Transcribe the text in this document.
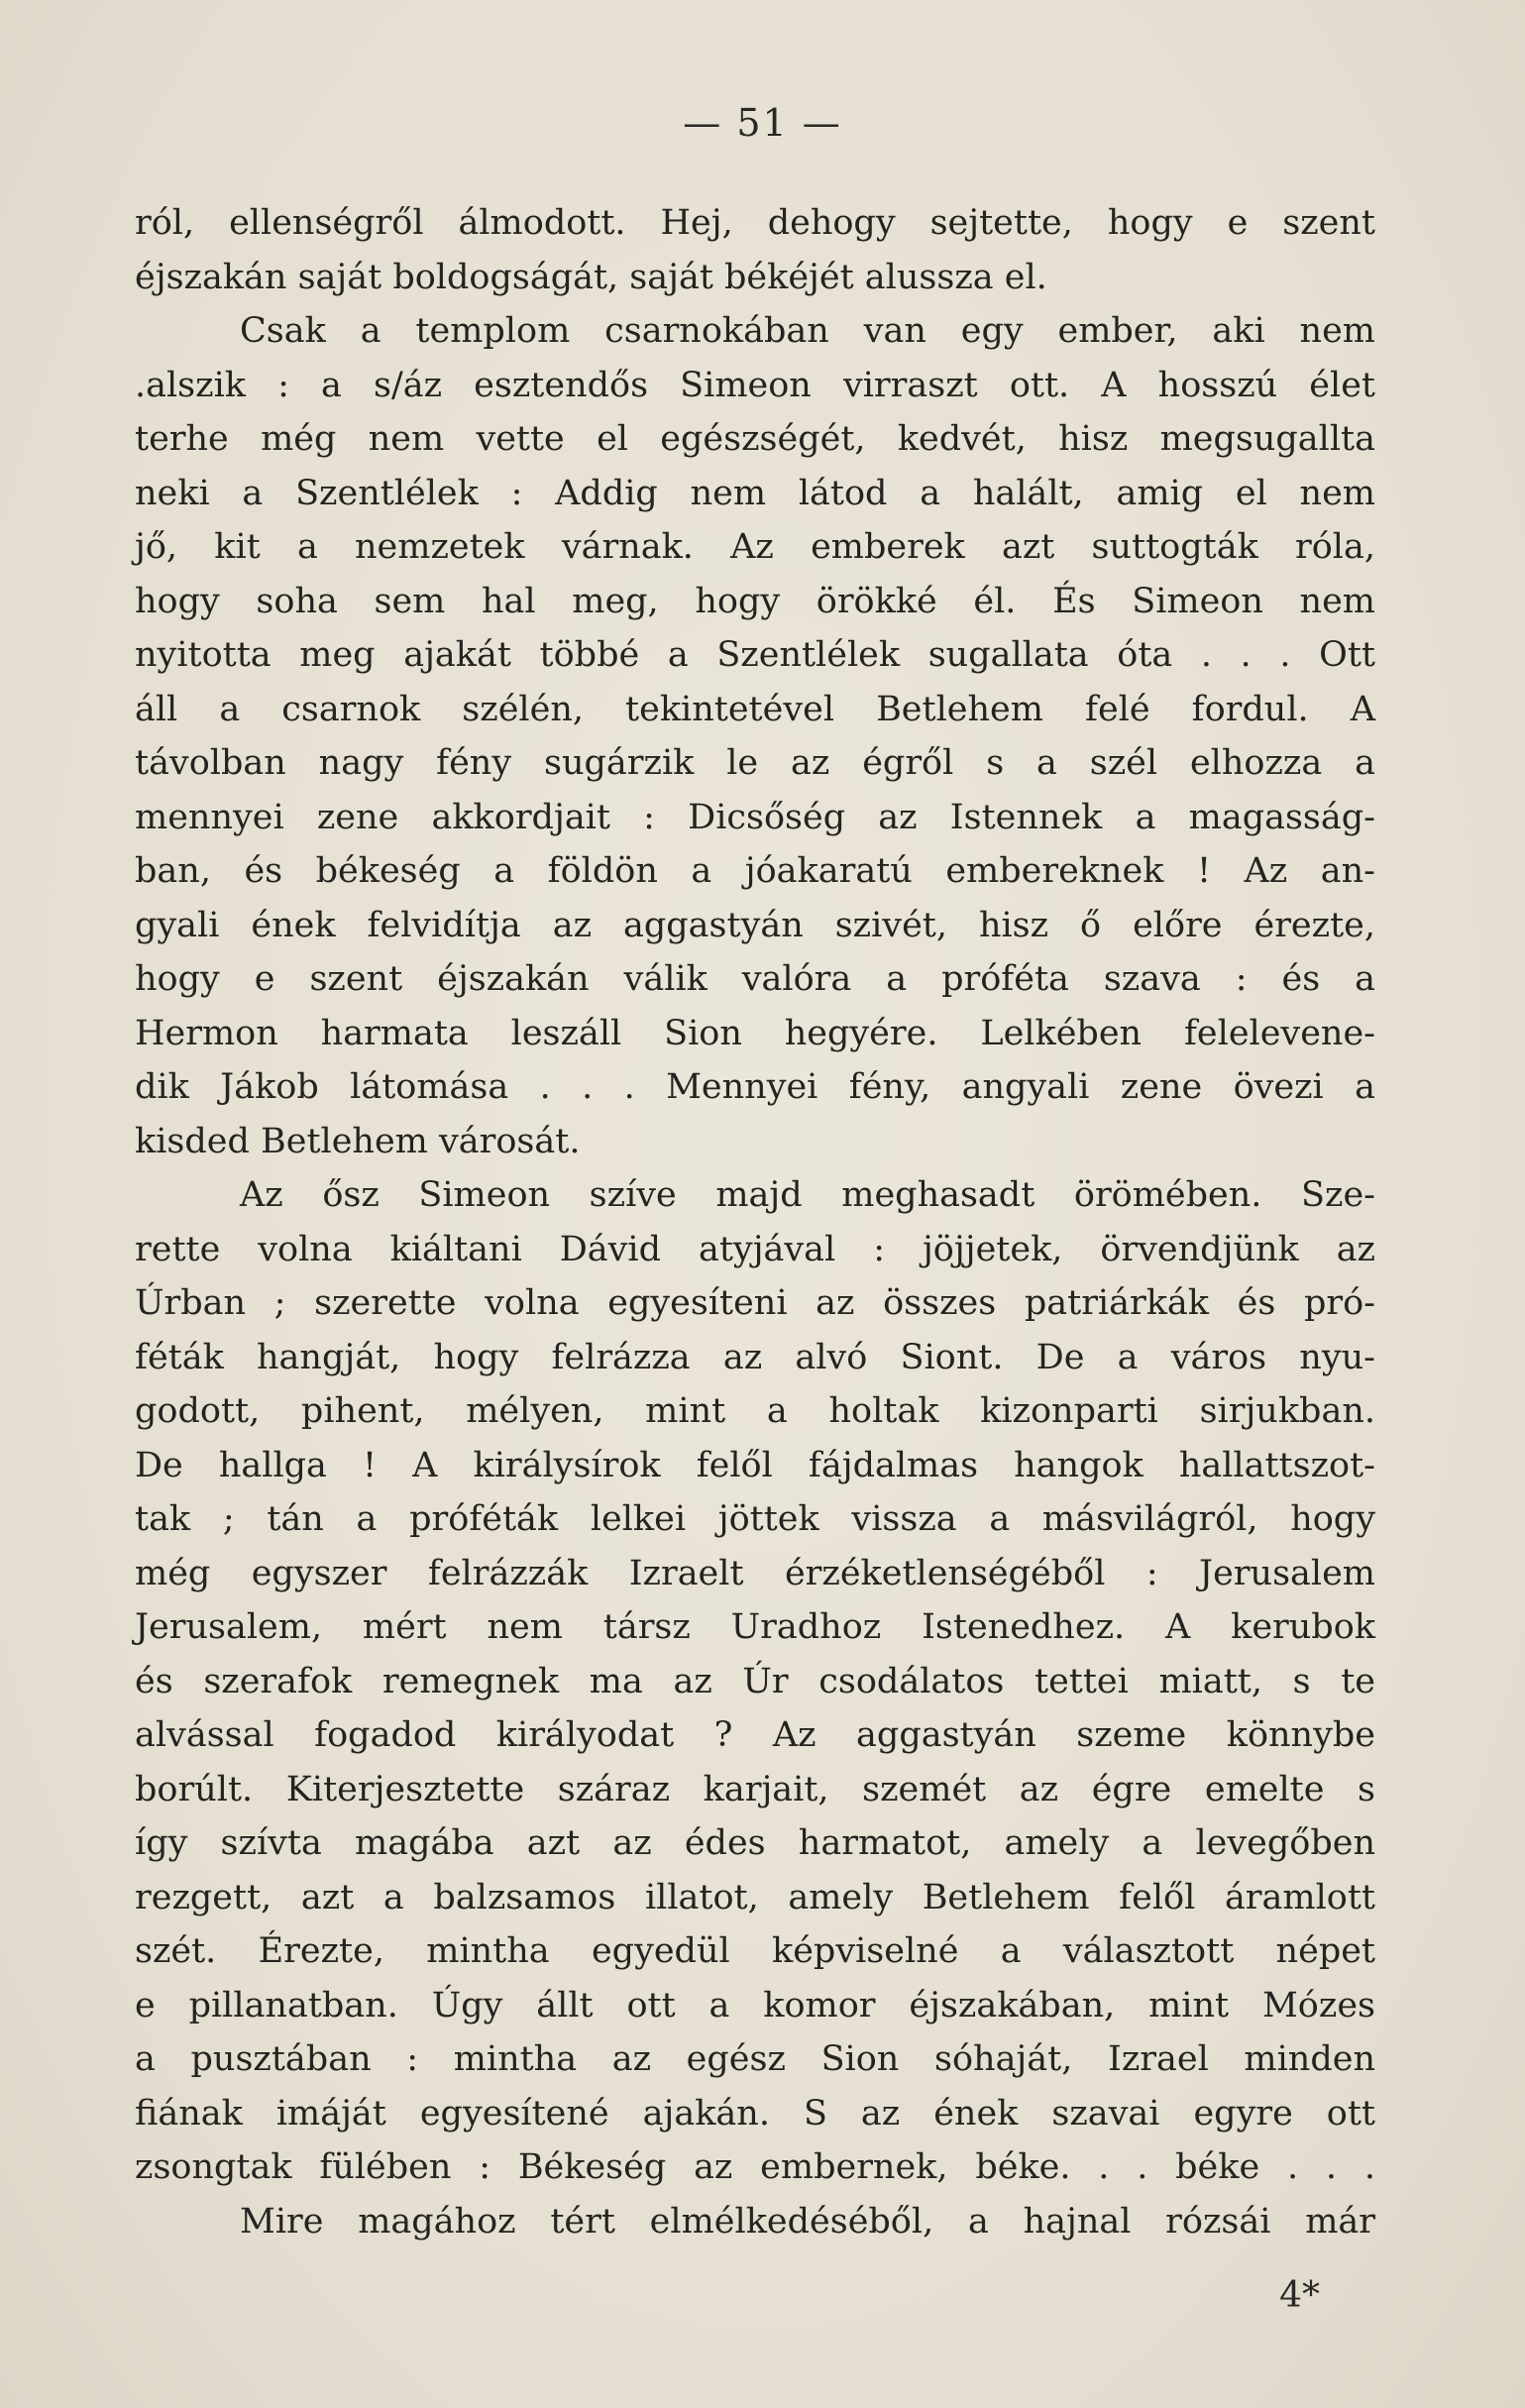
— 51 —
ról, ellenségről álmodott. Hej, dehogy sejtette, hogy e szent
éjszakán saját boldogságát, saját békéjét alussza el.
Csak a templom csarnokában van egy ember, aki nem
.alszik : a s/áz esztendős Simeon virraszt ott. A hosszú élet
terhe még nem vette el egészségét, kedvét, hisz megsugallta
neki a Szentlélek : Addig nem látod a halált, amig el nem
jő, kit a nemzetek várnak. Az emberek azt suttogták róla,
hogy soha sem hal meg, hogy örökké él. És Simeon nem
nyitotta meg ajakát többé a Szentlélek sugallata óta . . . Ott
áll a csarnok szélén, tekintetével Betlehem felé fordul. A
távolban nagy fény sugárzik le az égről s a szél elhozza a
mennyei zene akkordjait : Dicsőség az Istennek a magasság-
ban, és békeség a földön a jóakaratú embereknek ! Az an-
gyali ének felvidítja az aggastyán szivét, hisz ő előre érezte,
hogy e szent éjszakán válik valóra a próféta szava : és a
Hermon harmata leszáll Sion hegyére. Lelkében felelevene-
dik Jákob látomása . . . Mennyei fény, angyali zene övezi a
kisded Betlehem városát.
Az ősz Simeon szíve majd meghasadt örömében. Sze-
rette volna kiáltani Dávid atyjával : jöjjetek, örvendjünk az
Úrban ; szerette volna egyesíteni az összes patriárkák és pró-
féták hangját, hogy felrázza az alvó Siont. De a város nyu-
godott, pihent, mélyen, mint a holtak kizonparti sirjukban.
De hallga ! A királysírok felől fájdalmas hangok hallattszot-
tak ; tán a próféták lelkei jöttek vissza a másvilágról, hogy
még egyszer felrázzák Izraelt érzéketlenségéből : Jerusalem
Jerusalem, mért nem társz Uradhoz Istenedhez. A kerubok
és szerafok remegnek ma az Úr csodálatos tettei miatt, s te
alvással fogadod királyodat ? Az aggastyán szeme könnybe
borúlt. Kiterjesztette száraz karjait, szemét az égre emelte s
így szívta magába azt az édes harmatot, amely a levegőben
rezgett, azt a balzsamos illatot, amely Betlehem felől áramlott
szét. Érezte, mintha egyedül képviselné a választott népet
e pillanatban. Úgy állt ott a komor éjszakában, mint Mózes
a pusztában : mintha az egész Sion sóhaját, Izrael minden
fiának imáját egyesítené ajakán. S az ének szavai egyre ott
zsongtak fülében : Békeség az embernek, béke. . . béke . . .
Mire magához tért elmélkedéséből, a hajnal rózsái már
4*
